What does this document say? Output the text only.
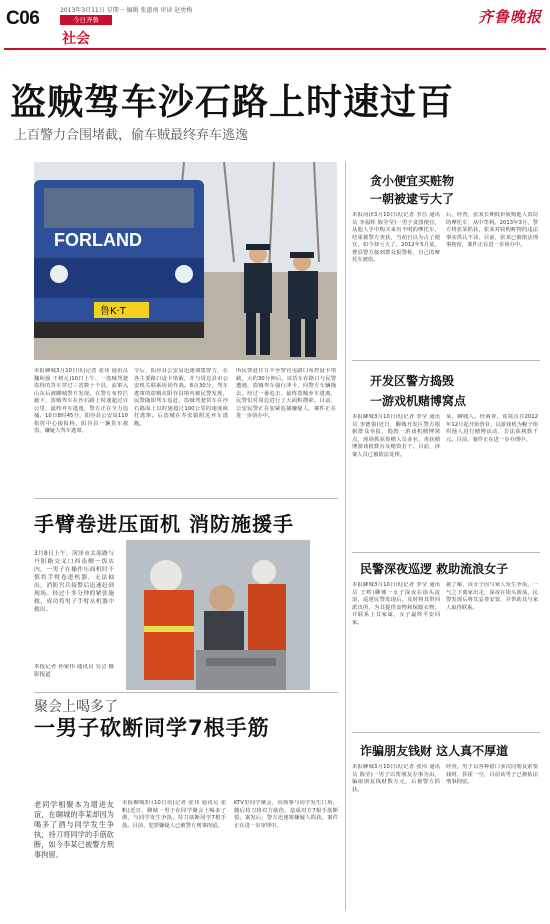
C06	2013年3月11日 星期一 编辑 张惠南 审读 赵勇梅
今日齐鲁
社会
齐鲁晚报
盗贼驾车沙石路上时速过百
上百警力合围堵截，偷车贼最终弃车逃逸
FORLAND
鲁K·T
本报聊城3月10日讯(记者 张伟 通讯员 魏和强 王树元)10日上午，一盗贼驾驶盗得的货车穿过三省数十个县，流窜入山东后被聊城警方发现。在警方布控拦截下，盗贼驾车在沙石路上时速超过百公里，最终弃车逃逸，警方正在全力追捕。10日8时45分，阳谷县公安局110指挥中心接报称，阳谷县一辆货车被盗，嫌疑人驾车逃窜。
令后，阳谷县公安局迅速调集警力，在各主要路口设卡堵截，并与周边县市公安机关联系协同作战。8点30分，驾车逃窜的盗贼在阳谷县境内被民警发现，民警随即驾车追赶，盗贼驾驶货车在沙石路面上以时速超过100公里的速度疯狂逃窜。后盗贼在寿张镇附近弃车逃跑。
所民警赶往万丰至警官屯路口布控设卡堵截，大约30分钟后，该货车在路口与民警遭遇，盗贼驾车强行冲卡，向警方车辆撞去。经过一番追击，最终盗贼弃车逃离，民警们对周边进行了大面积搜索。目前，公安民警正在加紧追捕嫌疑人，案件正在进一步侦办中。
贪小便宜买赃物
一朝被逮亏大了
本报菏泽3月10日讯(记者 李昌 通讯员 李福辉 陈莹莹)一男子贪图便宜，从他人手中购买来历不明的摩托车，结果被警方查获，当初自以为占了便宜，如今却亏大了。2012年5月底，曹县警方接到群众报警称，自己的摩托车被盗。
后，经查，张某长期低价收购他人盗窃的摩托车，从中牟利。2013年3月，警方将张某抓获，张某对收购赃物的违法事实供认不讳，目前，张某已被依法刑事拘留，案件正在进一步侦办中。
开发区警方捣毁
一游戏机赌博窝点
本报聊城3月10日讯(记者 李莹 通讯员 李德强)近日，聊城开发区警方根据群众举报，捣毁一游戏机赌博窝点，现场抓获参赌人员多名，查获赌博游戏机数台及赌资若干。目前，涉案人员已被依法处理。
某，聊城人。经调查，该窝点自2012年12月起开始营业，以游戏机为幌子组织他人进行赌博活动，非法获利数千元。目前，案件正在进一步办理中。
民警深夜巡逻 救助流浪女子
本报聊城3月10日讯(记者 李莹 通讯员 王辉)聊城一女子深夜在街头流浪，巡逻民警发现后，及时将其带回派出所，为其提供食物和保暖衣物，并联系上其家属，女子最终平安回家。
据了解，该女子因与家人发生争执，一气之下离家出走，深夜在街头游荡，民警发现后将其妥善安置，并帮助其与家人取得联系。
诈骗朋友钱财 这人真不厚道
本报聊城3月10日讯(记者 张伟 通讯员 陈莹)一男子以帮朋友办事为由，骗取朋友钱财数万元，后被警方抓获。
经查，男子以各种借口多次向朋友索要钱财，挥霍一空，目前该男子已被依法刑事拘留。
手臂卷进压面机 消防施援手
3月8日上午，菏泽市太原路与丹阳路交叉口西南侧一饭店内，一男子在操作压面机时不慎将手臂卷进机器，无法抽出，消防官兵接警后迅速赶到现场。经过十多分钟的紧张施救，成功将男子手臂从机器中救出。
本报记者 孙家伟 通讯员 吴会 摄影报道
聚会上喝多了
一男子砍断同学7根手筋
老同学相聚本为增进友谊，在聊城的李某却因为喝多了酒与同学发生争执，持刀将同学的手筋砍断，如今李某已被警方刑事拘留。
本报聊城3月10日讯(记者 张伟 通讯员 张帆)近日，聊城一男子在同学聚会上喝多了酒，与同学发生争执，持刀砍断同学7根手筋。目前，犯罪嫌疑人已被警方刑事拘留。
KTV里同学聚会，因琐事与同学发生口角，随后持刀将对方砍伤，造成对方7根手筋断裂。案发后，警方迅速将嫌疑人抓获，案件正在进一步审理中。
